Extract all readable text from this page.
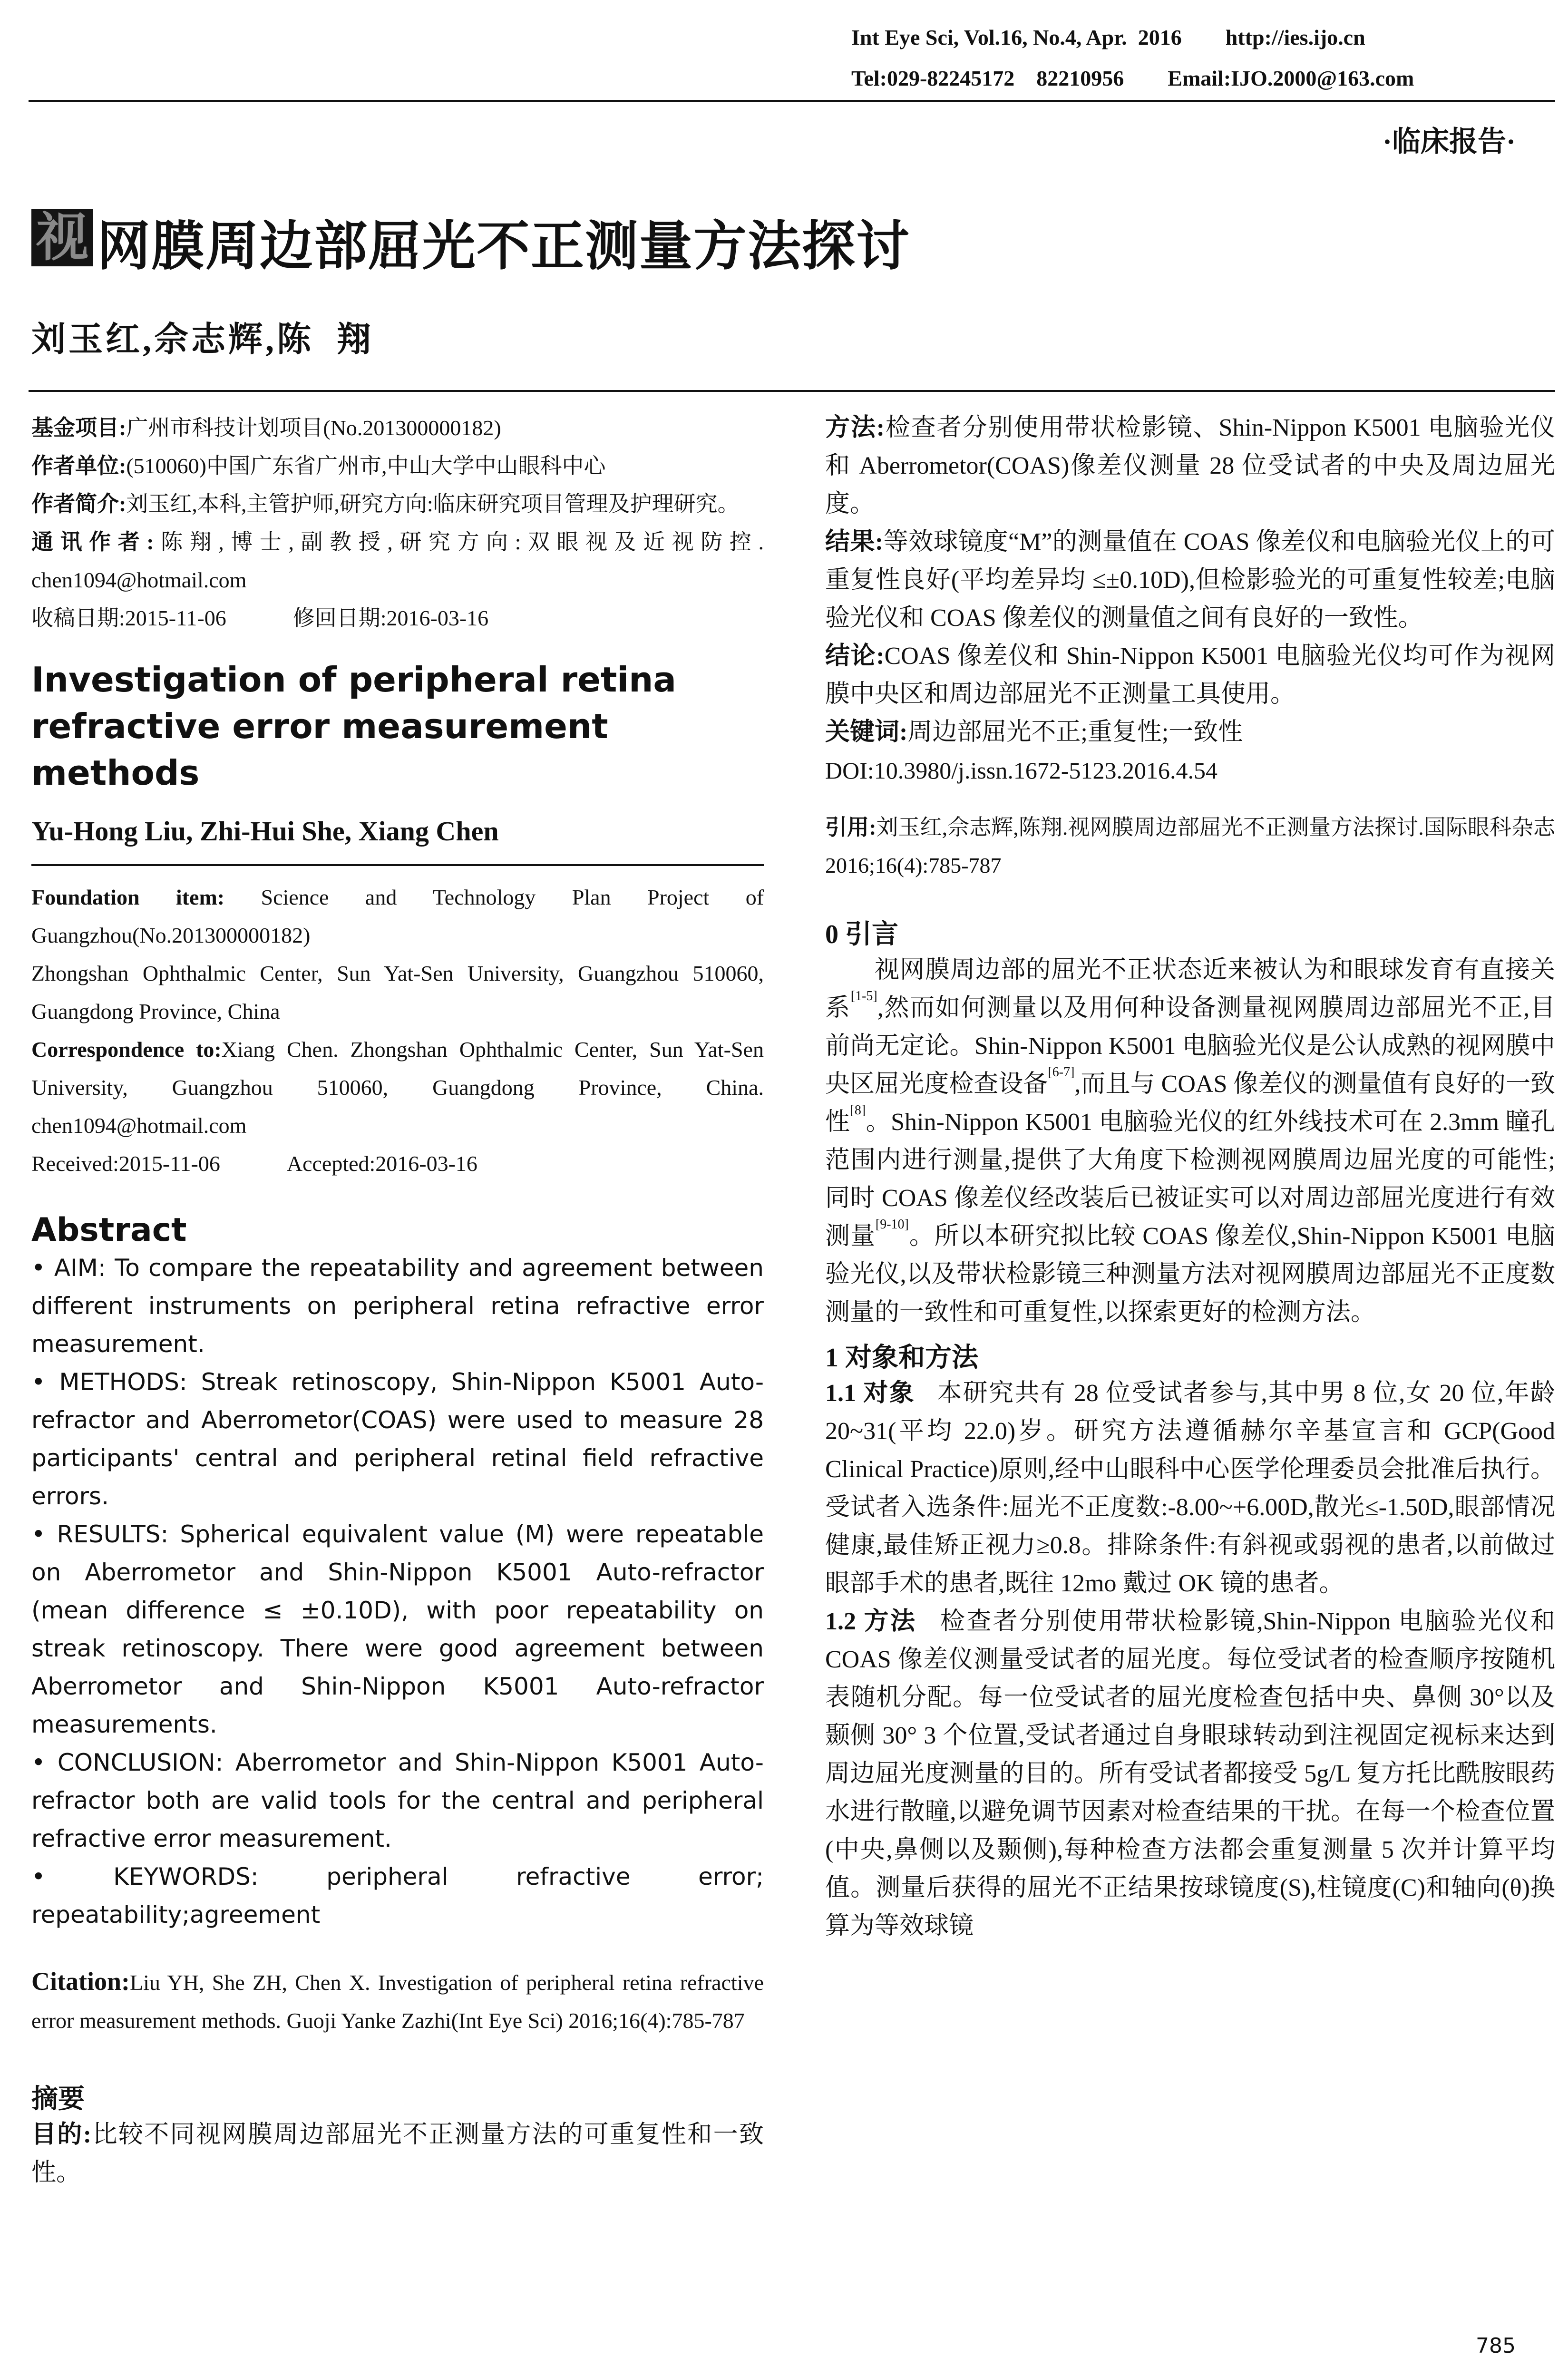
Int Eye Sci, Vol.16, No.4, Apr.  2016        http://ies.ijo.cn
Tel:029-82245172    82210956        Email:IJO.2000@163.com
·临床报告·
视 网膜周边部屈光不正测量方法探讨
刘玉红,佘志辉,陈  翔

基金项目:广州市科技计划项目(No.201300000182)

作者单位:(510060)中国广东省广州市,中山大学中山眼科中心

作者简介:刘玉红,本科,主管护师,研究方向:临床研究项目管理及护理研究。

通讯作者:陈翔,博士,副教授,研究方向:双眼视及近视防控. chen1094@hotmail.com

收稿日期:2015-11-06	修回日期:2016-03-16

Investigation of peripheral retina refractive error measurement methods
Yu-Hong Liu, Zhi-Hui She, Xiang Chen

Foundation item: Science and Technology Plan Project of Guangzhou(No.201300000182)

Zhongshan Ophthalmic Center, Sun Yat-Sen University, Guangzhou 510060, Guangdong Province, China

Correspondence to:Xiang Chen. Zhongshan Ophthalmic Center, Sun Yat-Sen University, Guangzhou 510060, Guangdong Province, China. chen1094@hotmail.com

Received:2015-11-06	Accepted:2016-03-16

Abstract

• AIM: To compare the repeatability and agreement between different instruments on peripheral retina refractive error measurement.

• METHODS: Streak retinoscopy, Shin-Nippon K5001 Auto-refractor and Aberrometor(COAS) were used to measure 28 participants' central and peripheral retinal field refractive errors.

• RESULTS: Spherical equivalent value (M) were repeatable on Aberrometor and Shin-Nippon K5001 Auto-refractor (mean difference ≤ ±0.10D), with poor repeatability on streak retinoscopy. There were good agreement between Aberrometor and Shin-Nippon K5001 Auto-refractor measurements.

• CONCLUSION: Aberrometor and Shin-Nippon K5001 Auto-refractor both are valid tools for the central and peripheral refractive error measurement.

• KEYWORDS:	peripheral refractive error; repeatability;agreement

Citation:Liu YH, She ZH, Chen X. Investigation of peripheral retina refractive error measurement methods. Guoji Yanke Zazhi(Int Eye Sci) 2016;16(4):785-787

摘要

目的:比较不同视网膜周边部屈光不正测量方法的可重复性和一致性。

方法:检查者分别使用带状检影镜、Shin-Nippon K5001 电脑验光仪和 Aberrometor(COAS)像差仪测量 28 位受试者的中央及周边屈光度。

结果:等效球镜度“M”的测量值在 COAS 像差仪和电脑验光仪上的可重复性良好(平均差异均 ≤±0.10D),但检影验光的可重复性较差;电脑验光仪和 COAS 像差仪的测量值之间有良好的一致性。

结论:COAS 像差仪和 Shin-Nippon K5001 电脑验光仪均可作为视网膜中央区和周边部屈光不正测量工具使用。

关键词:周边部屈光不正;重复性;一致性

DOI:10.3980/j.issn.1672-5123.2016.4.54

引用:刘玉红,佘志辉,陈翔.视网膜周边部屈光不正测量方法探讨.国际眼科杂志 2016;16(4):785-787

0 引言

视网膜周边部的屈光不正状态近来被认为和眼球发育有直接关系[1-5],然而如何测量以及用何种设备测量视网膜周边部屈光不正,目前尚无定论。Shin-Nippon K5001 电脑验光仪是公认成熟的视网膜中央区屈光度检查设备[6-7],而且与 COAS 像差仪的测量值有良好的一致性[8]。Shin-Nippon K5001 电脑验光仪的红外线技术可在 2.3mm 瞳孔范围内进行测量,提供了大角度下检测视网膜周边屈光度的可能性;同时 COAS 像差仪经改装后已被证实可以对周边部屈光度进行有效测量[9-10]。所以本研究拟比较 COAS 像差仪,Shin-Nippon K5001 电脑验光仪,以及带状检影镜三种测量方法对视网膜周边部屈光不正度数测量的一致性和可重复性,以探索更好的检测方法。

1 对象和方法

1.1 对象 本研究共有 28 位受试者参与,其中男 8 位,女 20 位,年龄 20~31(平均 22.0)岁。研究方法遵循赫尔辛基宣言和 GCP(Good Clinical Practice)原则,经中山眼科中心医学伦理委员会批准后执行。受试者入选条件:屈光不正度数:-8.00~+6.00D,散光≤-1.50D,眼部情况健康,最佳矫正视力≥0.8。排除条件:有斜视或弱视的患者,以前做过眼部手术的患者,既往 12mo 戴过 OK 镜的患者。

1.2 方法 检查者分别使用带状检影镜,Shin-Nippon 电脑验光仪和 COAS 像差仪测量受试者的屈光度。每位受试者的检查顺序按随机表随机分配。每一位受试者的屈光度检查包括中央、鼻侧 30°以及颞侧 30° 3 个位置,受试者通过自身眼球转动到注视固定视标来达到周边屈光度测量的目的。所有受试者都接受 5g/L 复方托比酰胺眼药水进行散瞳,以避免调节因素对检查结果的干扰。在每一个检查位置(中央,鼻侧以及颞侧),每种检查方法都会重复测量 5 次并计算平均值。测量后获得的屈光不正结果按球镜度(S),柱镜度(C)和轴向(θ)换算为等效球镜

785
